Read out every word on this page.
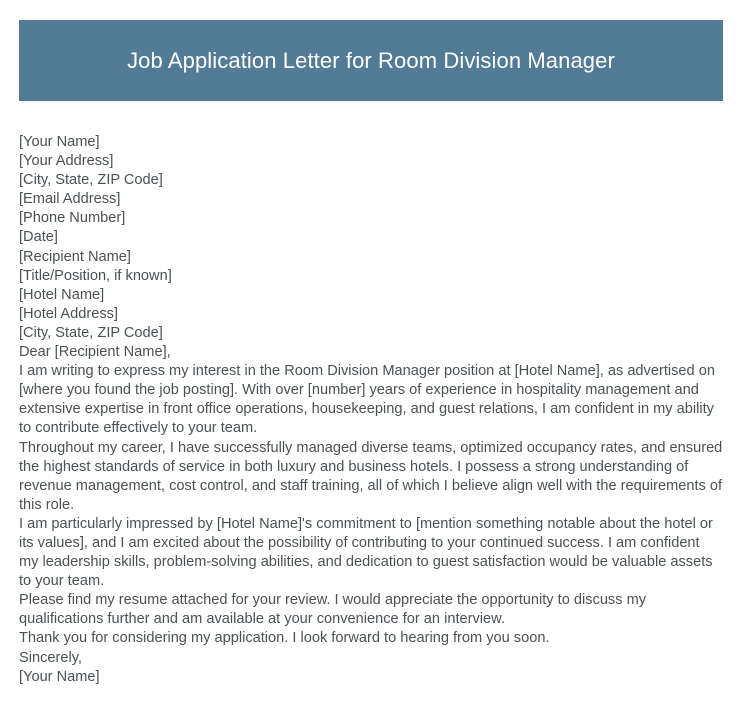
Job Application Letter for Room Division Manager
[Your Name]
[Your Address]
[City, State, ZIP Code]
[Email Address]
[Phone Number]
[Date]
[Recipient Name]
[Title/Position, if known]
[Hotel Name]
[Hotel Address]
[City, State, ZIP Code]
Dear [Recipient Name],

I am writing to express my interest in the Room Division Manager position at [Hotel Name], as advertised on [where you found the job posting]. With over [number] years of experience in hospitality management and extensive expertise in front office operations, housekeeping, and guest relations, I am confident in my ability to contribute effectively to your team.

Throughout my career, I have successfully managed diverse teams, optimized occupancy rates, and ensured the highest standards of service in both luxury and business hotels. I possess a strong understanding of revenue management, cost control, and staff training, all of which I believe align well with the requirements of this role.

I am particularly impressed by [Hotel Name]'s commitment to [mention something notable about the hotel or its values], and I am excited about the possibility of contributing to your continued success. I am confident my leadership skills, problem-solving abilities, and dedication to guest satisfaction would be valuable assets to your team.

Please find my resume attached for your review. I would appreciate the opportunity to discuss my qualifications further and am available at your convenience for an interview.

Thank you for considering my application. I look forward to hearing from you soon.

Sincerely,
[Your Name]
